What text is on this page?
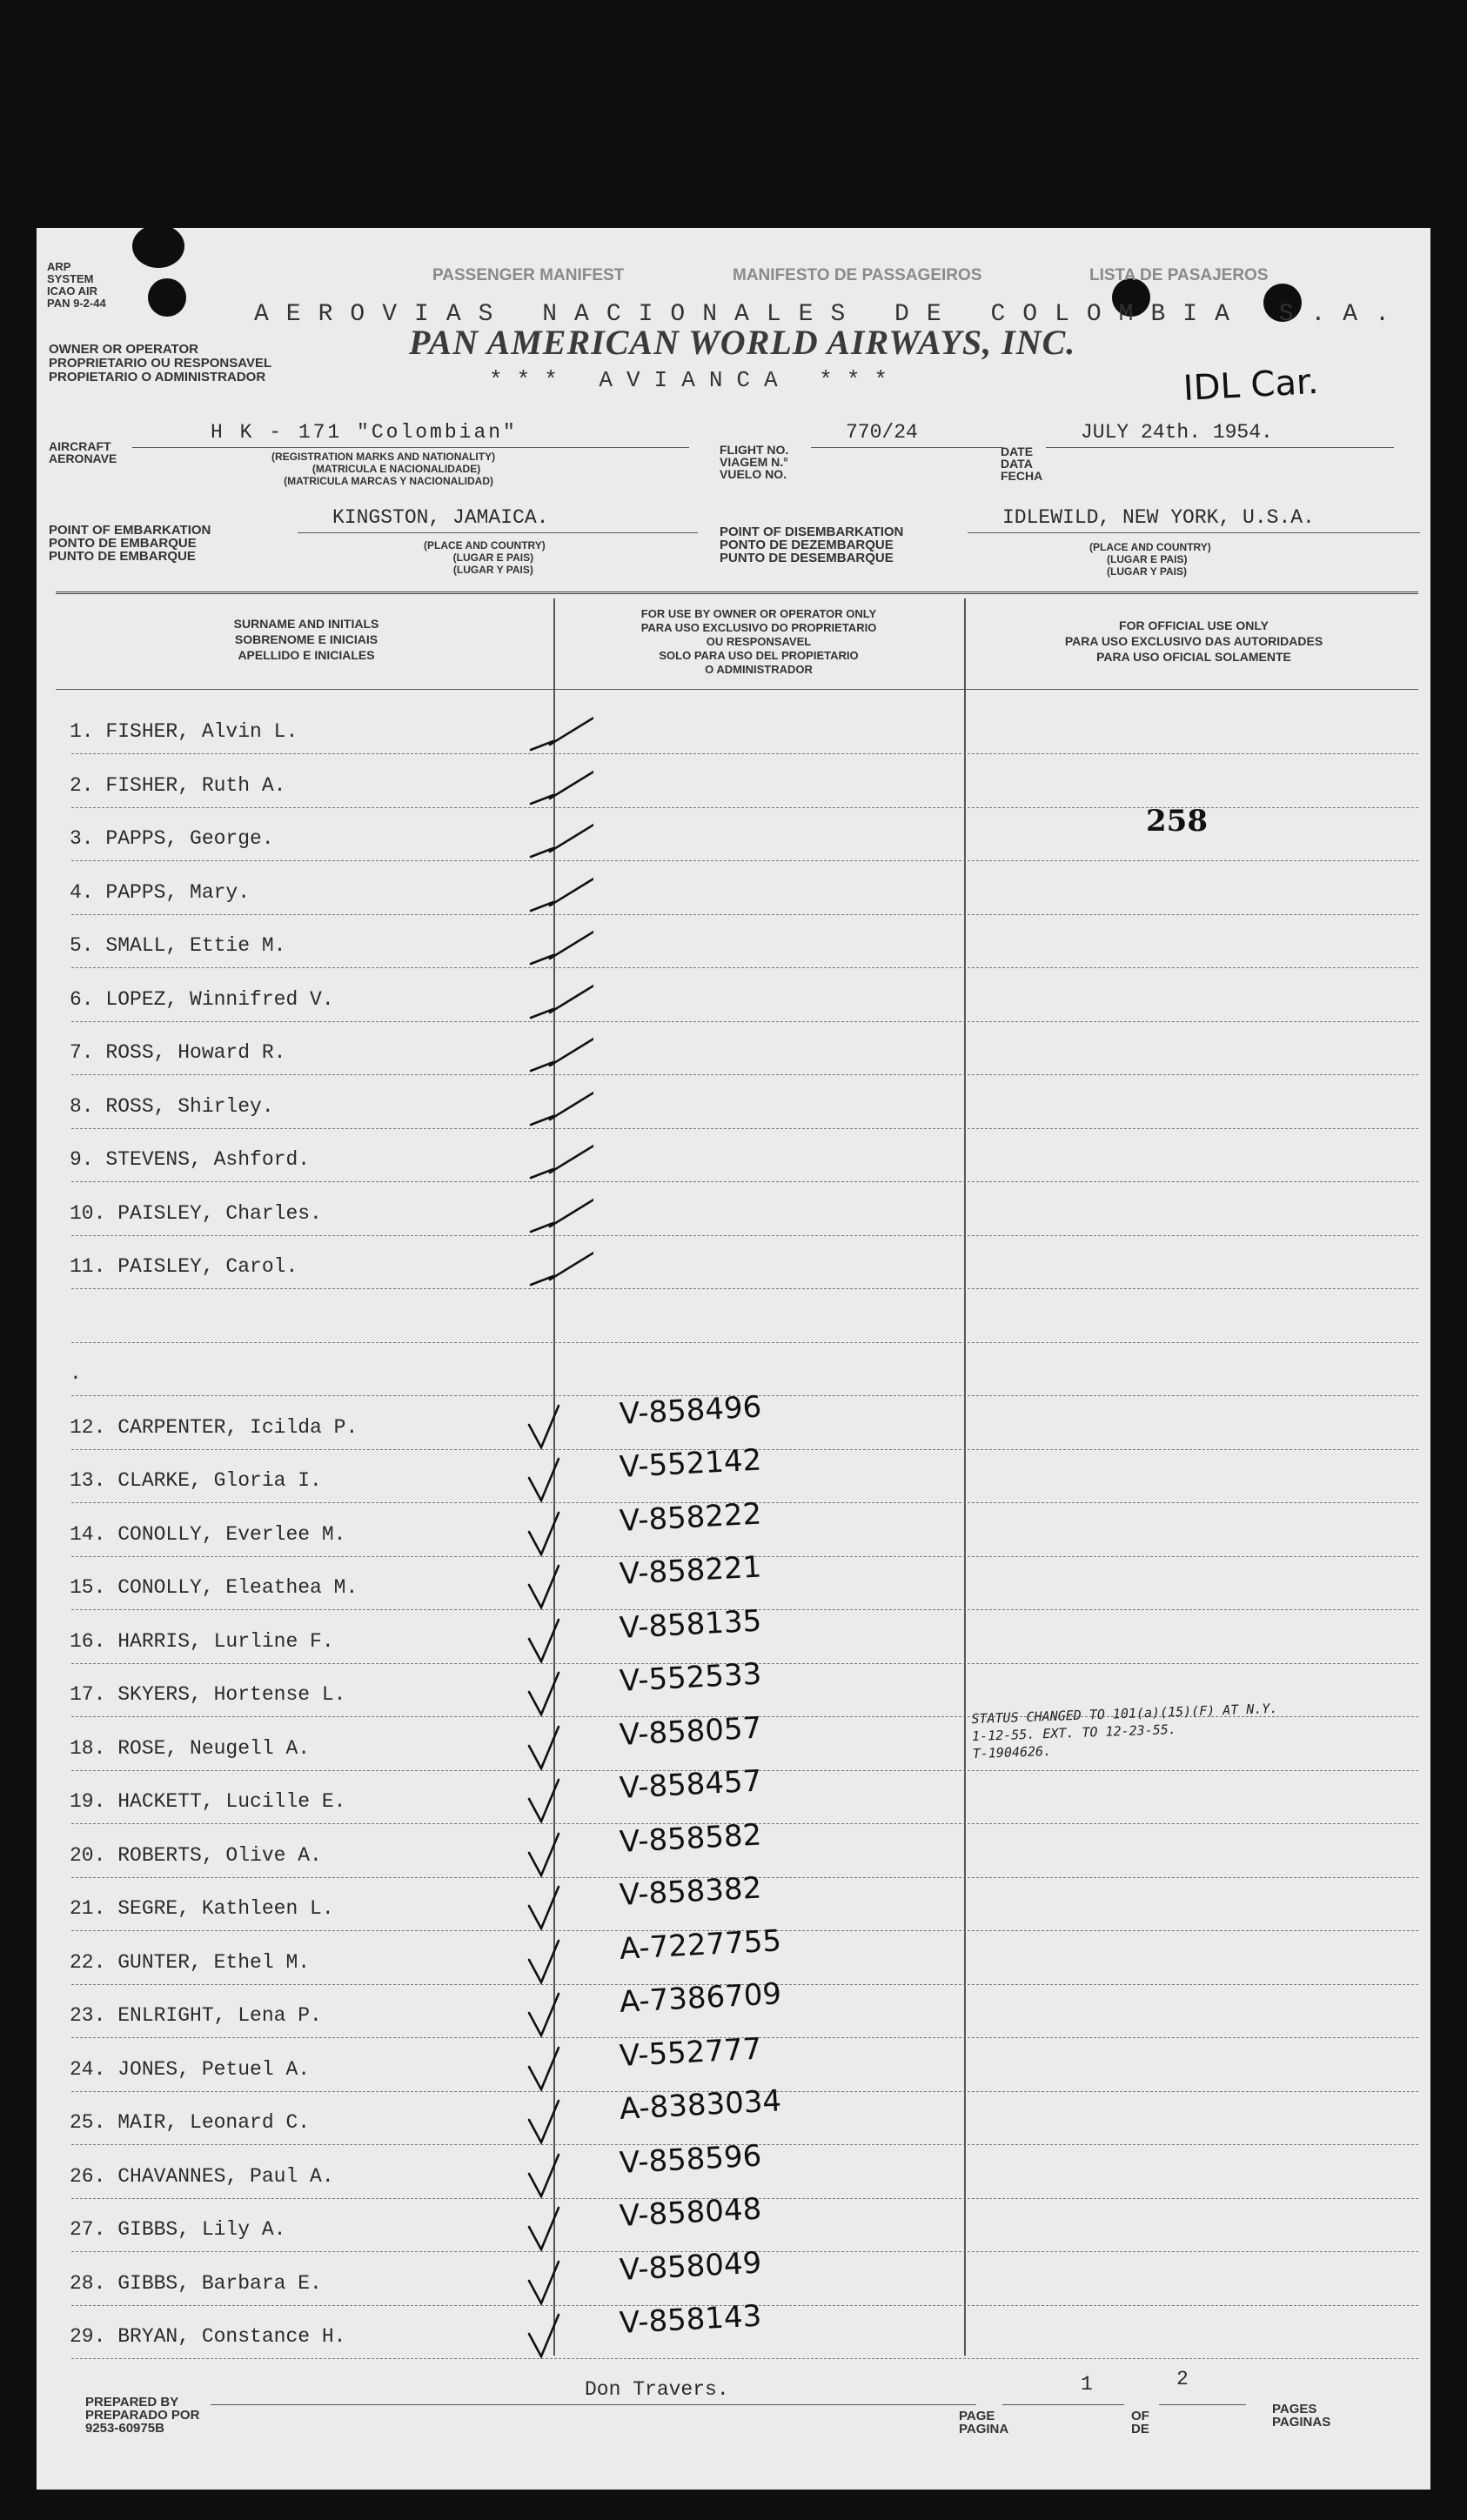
ARP
SYSTEM
ICAO AIR
PAN 9-2-44
PASSENGER MANIFEST	MANIFESTO DE PASSAGEIROS	LISTA DE PASAJEROS
AEROVIAS NACIONALES DE COLOMBIA S.A.
PAN AMERICAN WORLD AIRWAYS, INC.
*** AVIANCA ***
OWNER OR OPERATOR
PROPRIETARIO OU RESPONSAVEL
PROPIETARIO O ADMINISTRADOR	IDL Car.
AIRCRAFT
AERONAVE
H K - 171 "Colombian"
(REGISTRATION MARKS AND NATIONALITY)
(MATRICULA E NACIONALIDADE)
(MATRICULA MARCAS Y NACIONALIDAD)
FLIGHT NO.
VIAGEM N.°
VUELO NO.
770/24
DATE
DATA
FECHA
JULY 24th. 1954.
POINT OF EMBARKATION
PONTO DE EMBARQUE
PUNTO DE EMBARQUE
KINGSTON, JAMAICA.
(PLACE AND COUNTRY)
(LUGAR E PAIS)
(LUGAR Y PAIS)
POINT OF DISEMBARKATION
PONTO DE DEZEMBARQUE
PUNTO DE DESEMBARQUE
IDLEWILD, NEW YORK, U.S.A.
(PLACE AND COUNTRY)
(LUGAR E PAIS)
(LUGAR Y PAIS)
SURNAME AND INITIALS
SOBRENOME E INICIAIS
APELLIDO E INICIALES
FOR USE BY OWNER OR OPERATOR ONLY
PARA USO EXCLUSIVO DO PROPRIETARIO
OU RESPONSAVEL
SOLO PARA USO DEL PROPIETARIO
O ADMINISTRADOR
FOR OFFICIAL USE ONLY
PARA USO EXCLUSIVO DAS AUTORIDADES
PARA USO OFICIAL SOLAMENTE
1. FISHER, Alvin L.
2. FISHER, Ruth A.
3. PAPPS, George.
4. PAPPS, Mary.
5. SMALL, Ettie M.
6. LOPEZ, Winnifred V.
7. ROSS, Howard R.
8. ROSS, Shirley.
9. STEVENS, Ashford.
10. PAISLEY, Charles.
11. PAISLEY, Carol.
.
12. CARPENTER, Icilda P.	V-858496
13. CLARKE, Gloria I.	V-552142
14. CONOLLY, Everlee M.	V-858222
15. CONOLLY, Eleathea M.	V-858221
16. HARRIS, Lurline F.	V-858135
17. SKYERS, Hortense L.	V-552533
18. ROSE, Neugell A.	V-858057
19. HACKETT, Lucille E.	V-858457
20. ROBERTS, Olive A.	V-858582
21. SEGRE, Kathleen L.	V-858382
22. GUNTER, Ethel M.	A-7227755
23. ENLRIGHT, Lena P.	A-7386709
24. JONES, Petuel A.	V-552777
25. MAIR, Leonard C.	A-8383034
26. CHAVANNES, Paul A.	V-858596
27. GIBBS, Lily A.	V-858048
28. GIBBS, Barbara E.	V-858049
29. BRYAN, Constance H.	V-858143
258
STATUS CHANGED TO 101(a)(15)(F) AT N.Y.
1-12-55. EXT. TO 12-23-55.
T-1904626.
PREPARED BY
PREPARADO POR
9253-60975B
Don Travers.
PAGE
PAGINA
1
OF
DE
2
PAGES
PAGINAS
